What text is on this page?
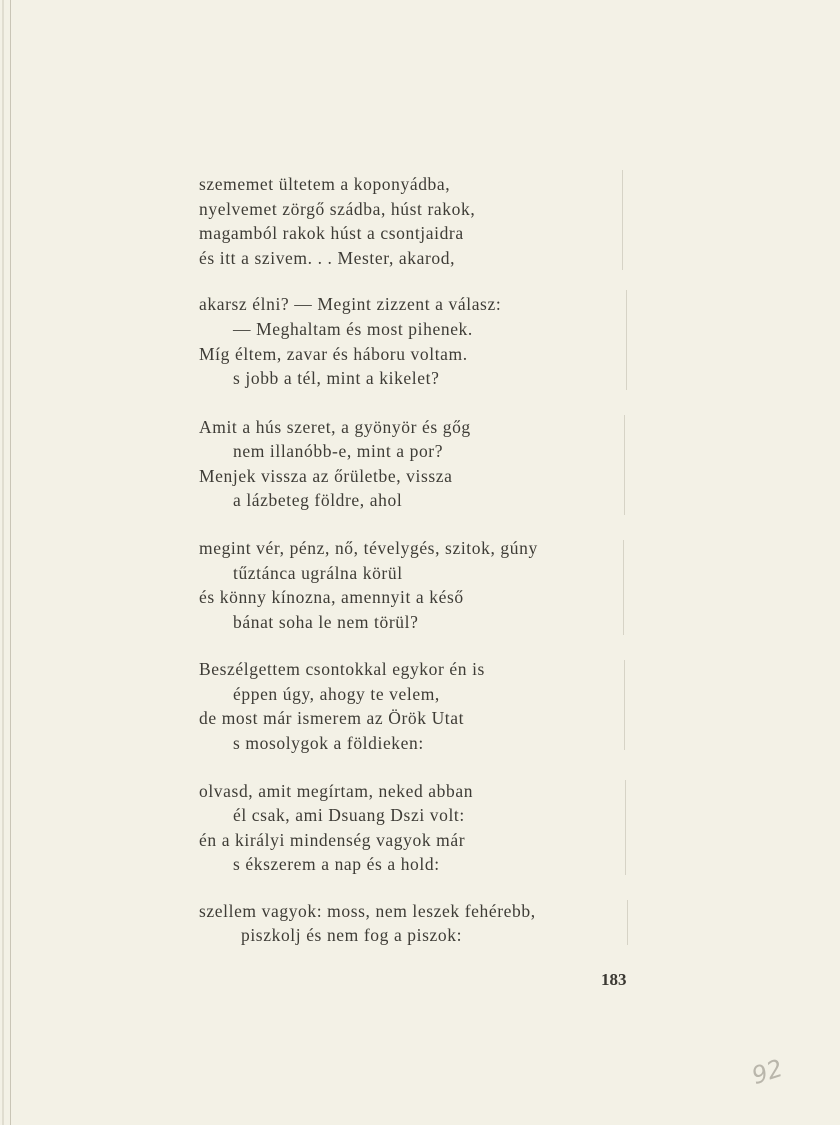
szememet ültetem a koponyádba,
nyelvemet zörgő szádba, húst rakok,
magamból rakok húst a csontjaidra
és itt a szivem. . . Mester, akarod,
akarsz élni? — Megint zizzent a válasz:
— Meghaltam és most pihenek.
Míg éltem, zavar és háboru voltam.
s jobb a tél, mint a kikelet?
Amit a hús szeret, a gyönyör és gőg
nem illanóbb-e, mint a por?
Menjek vissza az őrületbe, vissza
a lázbeteg földre, ahol
megint vér, pénz, nő, tévelygés, szitok, gúny
tűztánca ugrálna körül
és könny kínozna, amennyit a késő
bánat soha le nem törül?
Beszélgettem csontokkal egykor én is
éppen úgy, ahogy te velem,
de most már ismerem az Örök Utat
s mosolygok a földieken:
olvasd, amit megírtam, neked abban
él csak, ami Dsuang Dszi volt:
én a királyi mindenség vagyok már
s ékszerem a nap és a hold:
szellem vagyok: moss, nem leszek fehérebb,
piszkolj és nem fog a piszok:
183
92
